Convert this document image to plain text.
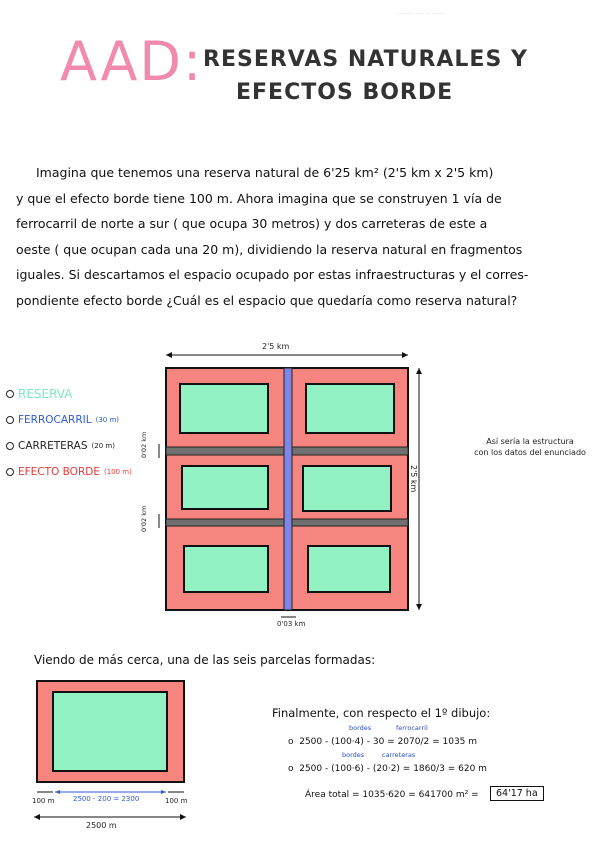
...... ... .......
AAD: RESERVAS NATURALES Y
EFECTOS BORDE
Imagina que tenemos una reserva natural de 6'25 km² (2'5 km x 2'5 km)
y que el efecto borde tiene 100 m. Ahora imagina que se construyen 1 vía de
ferrocarril de norte a sur ( que ocupa 30 metros) y dos carreteras de este a
oeste ( que ocupan cada una 20 m), dividiendo la reserva natural en fragmentos
iguales. Si descartamos el espacio ocupado por estas infraestructuras y el corres-
pondiente efecto borde ¿Cuál es el espacio que quedaría como reserva natural?
RESERVA
FERROCARRIL (30 m)
CARRETERAS (20 m)
EFECTO BORDE (100 m)
2'5 km
2'5 km
0'02 km
0'02 km
0'03 km
Así sería la estructura
con los datos del enunciado
Viendo de más cerca, una de las seis parcelas formadas:
100 m	2500 - 200 = 2300	100 m
2500 m
Finalmente, con respecto el 1º dibujo:
bordes	ferrocarril
o  2500 - (100·4) - 30 = 2070/2 = 1035 m
bordes	carreteras
o  2500 - (100·6) - (20·2) = 1860/3 = 620 m
Área total = 1035·620 = 641700 m² =	64'17 ha
